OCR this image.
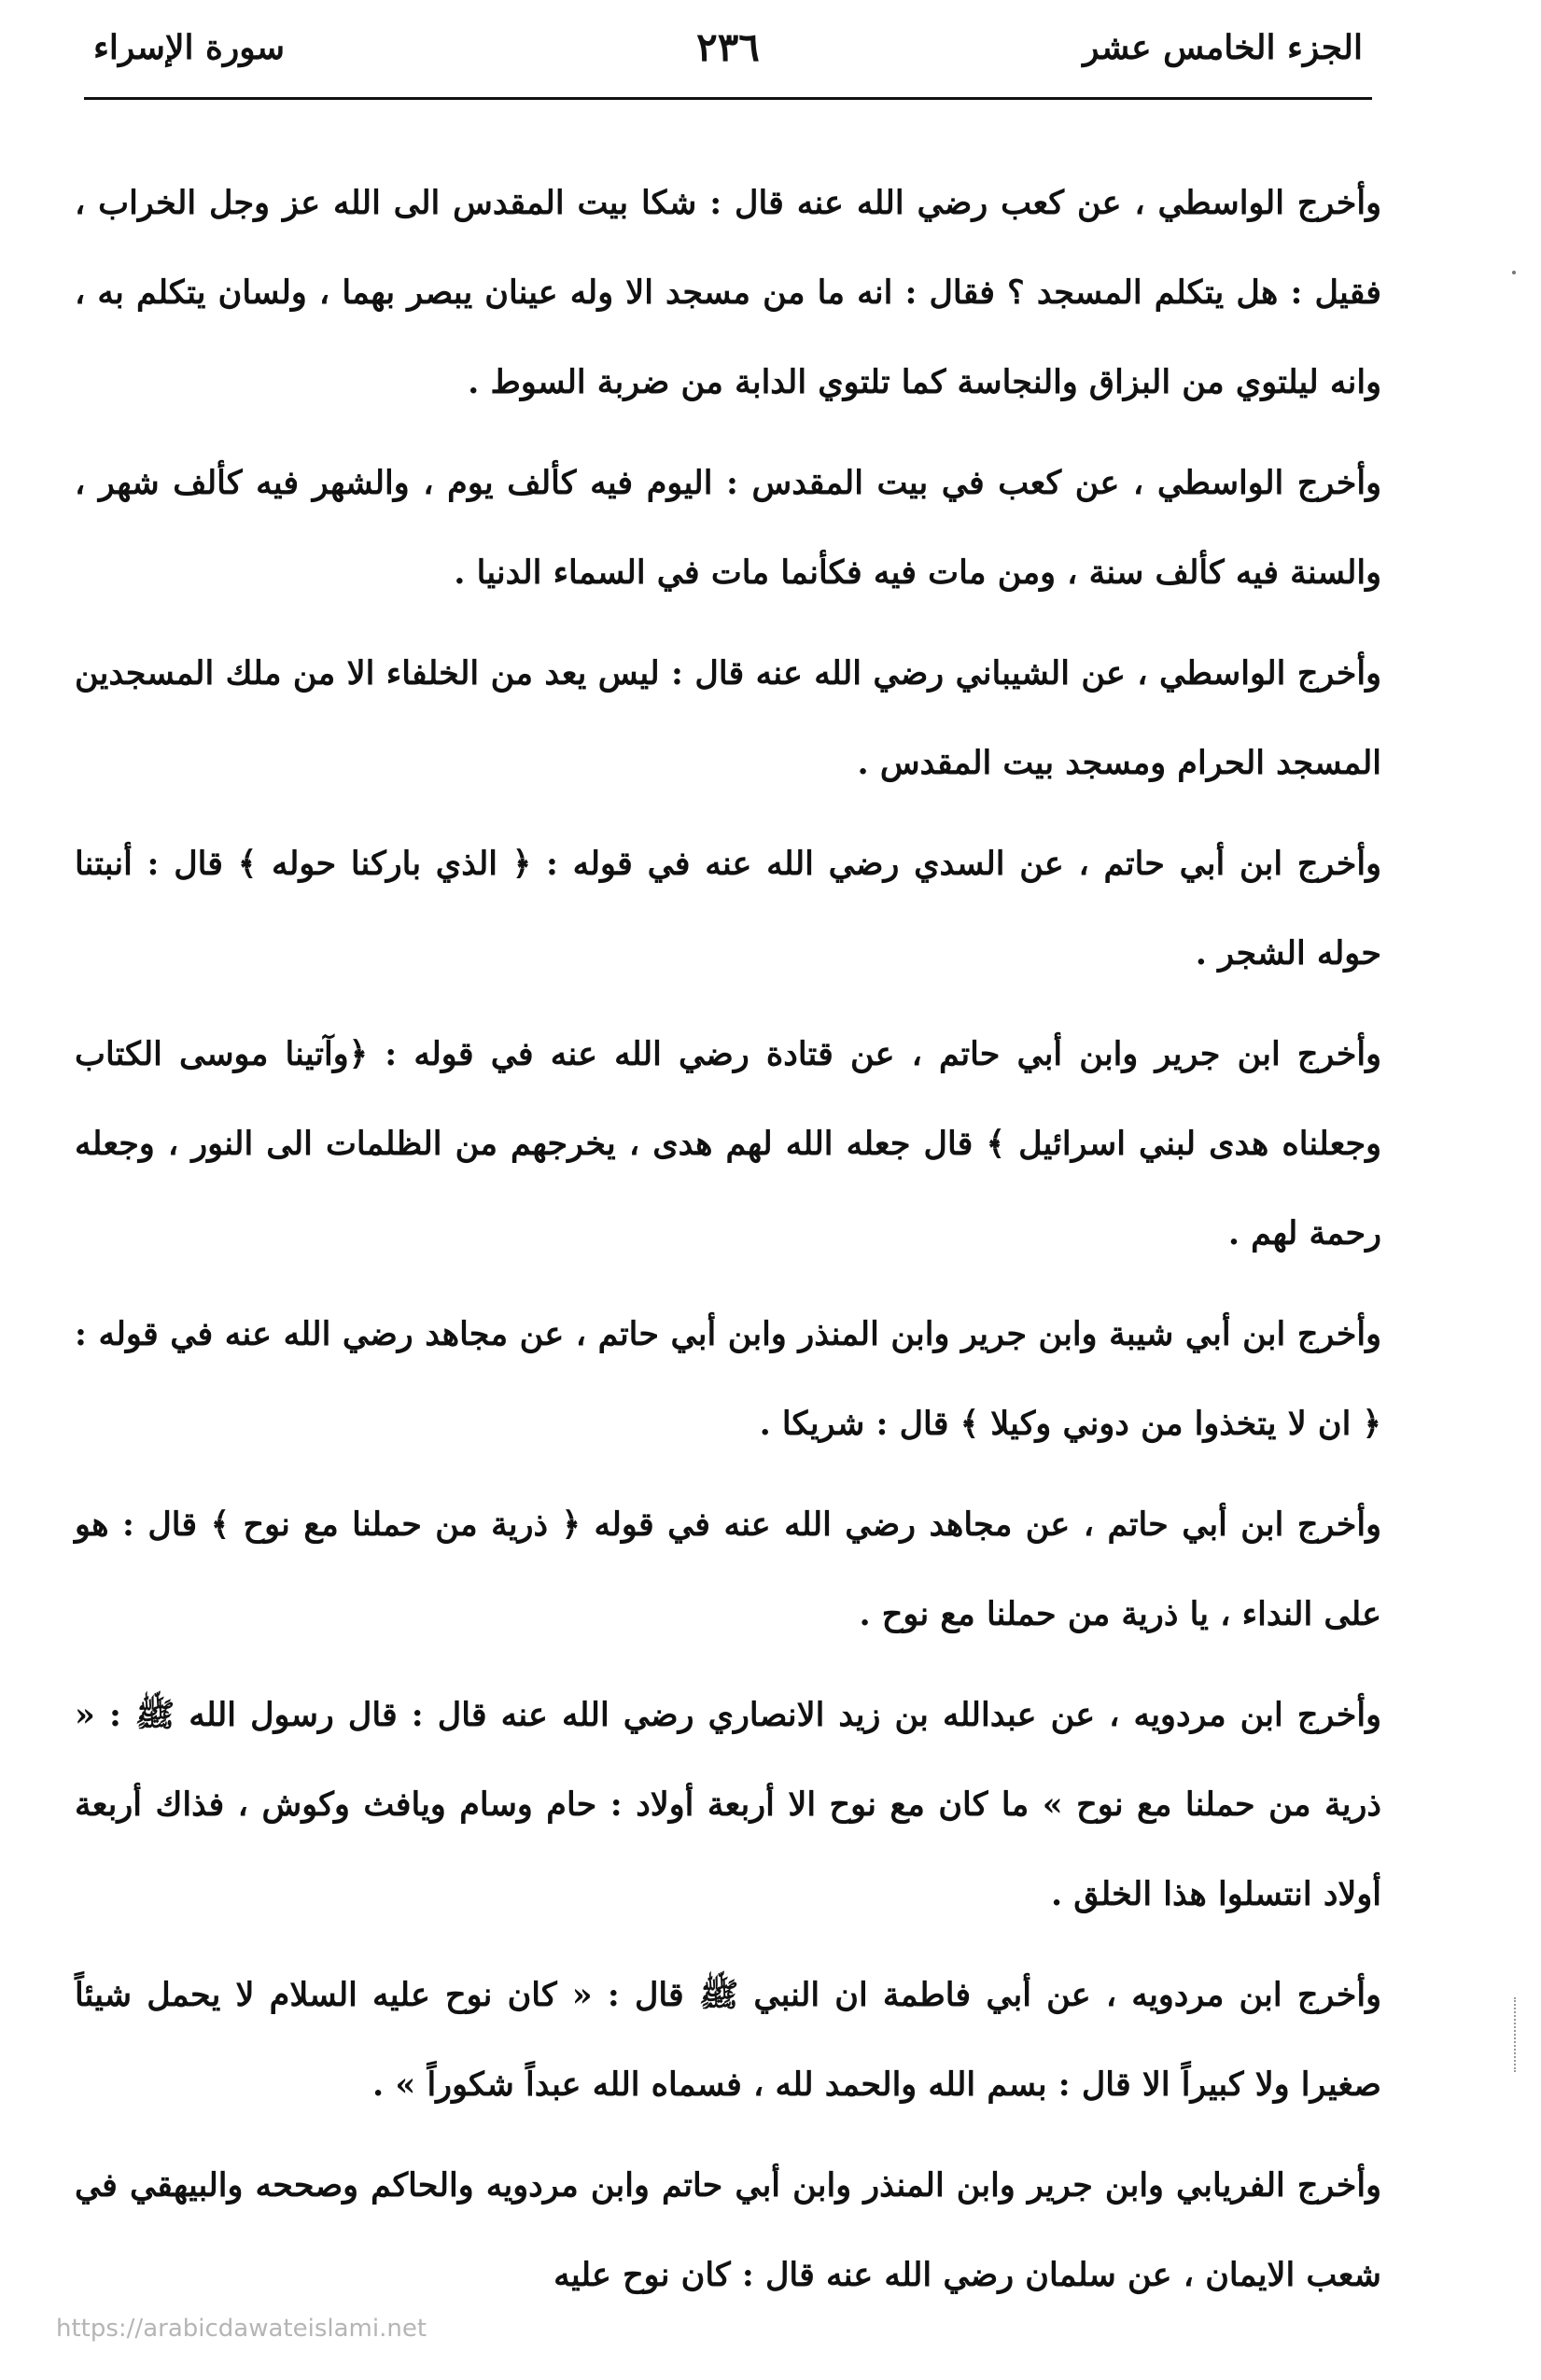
الجزء الخامس عشر
٢٣٦
سورة الإسراء

وأخرج الواسطي ، عن كعب رضي الله عنه قال : شكا بيت المقدس الى الله عز وجل الخراب ، فقيل : هل يتكلم المسجد ؟ فقال : انه ما من مسجد الا وله عينان يبصر بهما ، ولسان يتكلم به ، وانه ليلتوي من البزاق والنجاسة كما تلتوي الدابة من ضربة السوط .

وأخرج الواسطي ، عن كعب في بيت المقدس : اليوم فيه كألف يوم ، والشهر فيه كألف شهر ، والسنة فيه كألف سنة ، ومن مات فيه فكأنما مات في السماء الدنيا .

وأخرج الواسطي ، عن الشيباني رضي الله عنه قال : ليس يعد من الخلفاء الا من ملك المسجدين المسجد الحرام ومسجد بيت المقدس .

وأخرج ابن أبي حاتم ، عن السدي رضي الله عنه في قوله : ﴿ الذي باركنا حوله ﴾ قال : أنبتنا حوله الشجر .

وأخرج ابن جرير وابن أبي حاتم ، عن قتادة رضي الله عنه في قوله : ﴿وآتينا موسى الكتاب وجعلناه هدى لبني اسرائيل ﴾ قال جعله الله لهم هدى ، يخرجهم من الظلمات الى النور ، وجعله رحمة لهم .

وأخرج ابن أبي شيبة وابن جرير وابن المنذر وابن أبي حاتم ، عن مجاهد رضي الله عنه في قوله : ﴿ ان لا يتخذوا من دوني وكيلا ﴾ قال : شريكا .

وأخرج ابن أبي حاتم ، عن مجاهد رضي الله عنه في قوله ﴿ ذرية من حملنا مع نوح ﴾ قال : هو على النداء ، يا ذرية من حملنا مع نوح .

وأخرج ابن مردويه ، عن عبدالله بن زيد الانصاري رضي الله عنه قال : قال رسول الله ﷺ : « ذرية من حملنا مع نوح » ما كان مع نوح الا أربعة أولاد : حام وسام ويافث وكوش ، فذاك أربعة أولاد انتسلوا هذا الخلق .

وأخرج ابن مردويه ، عن أبي فاطمة ان النبي ﷺ قال : « كان نوح عليه السلام لا يحمل شيئاً صغيرا ولا كبيراً الا قال : بسم الله والحمد لله ، فسماه الله عبداً شكوراً » .

وأخرج الفريابي وابن جرير وابن المنذر وابن أبي حاتم وابن مردويه والحاكم وصححه والبيهقي في شعب الايمان ، عن سلمان رضي الله عنه قال : كان نوح عليه

https://arabicdawateislami.net
